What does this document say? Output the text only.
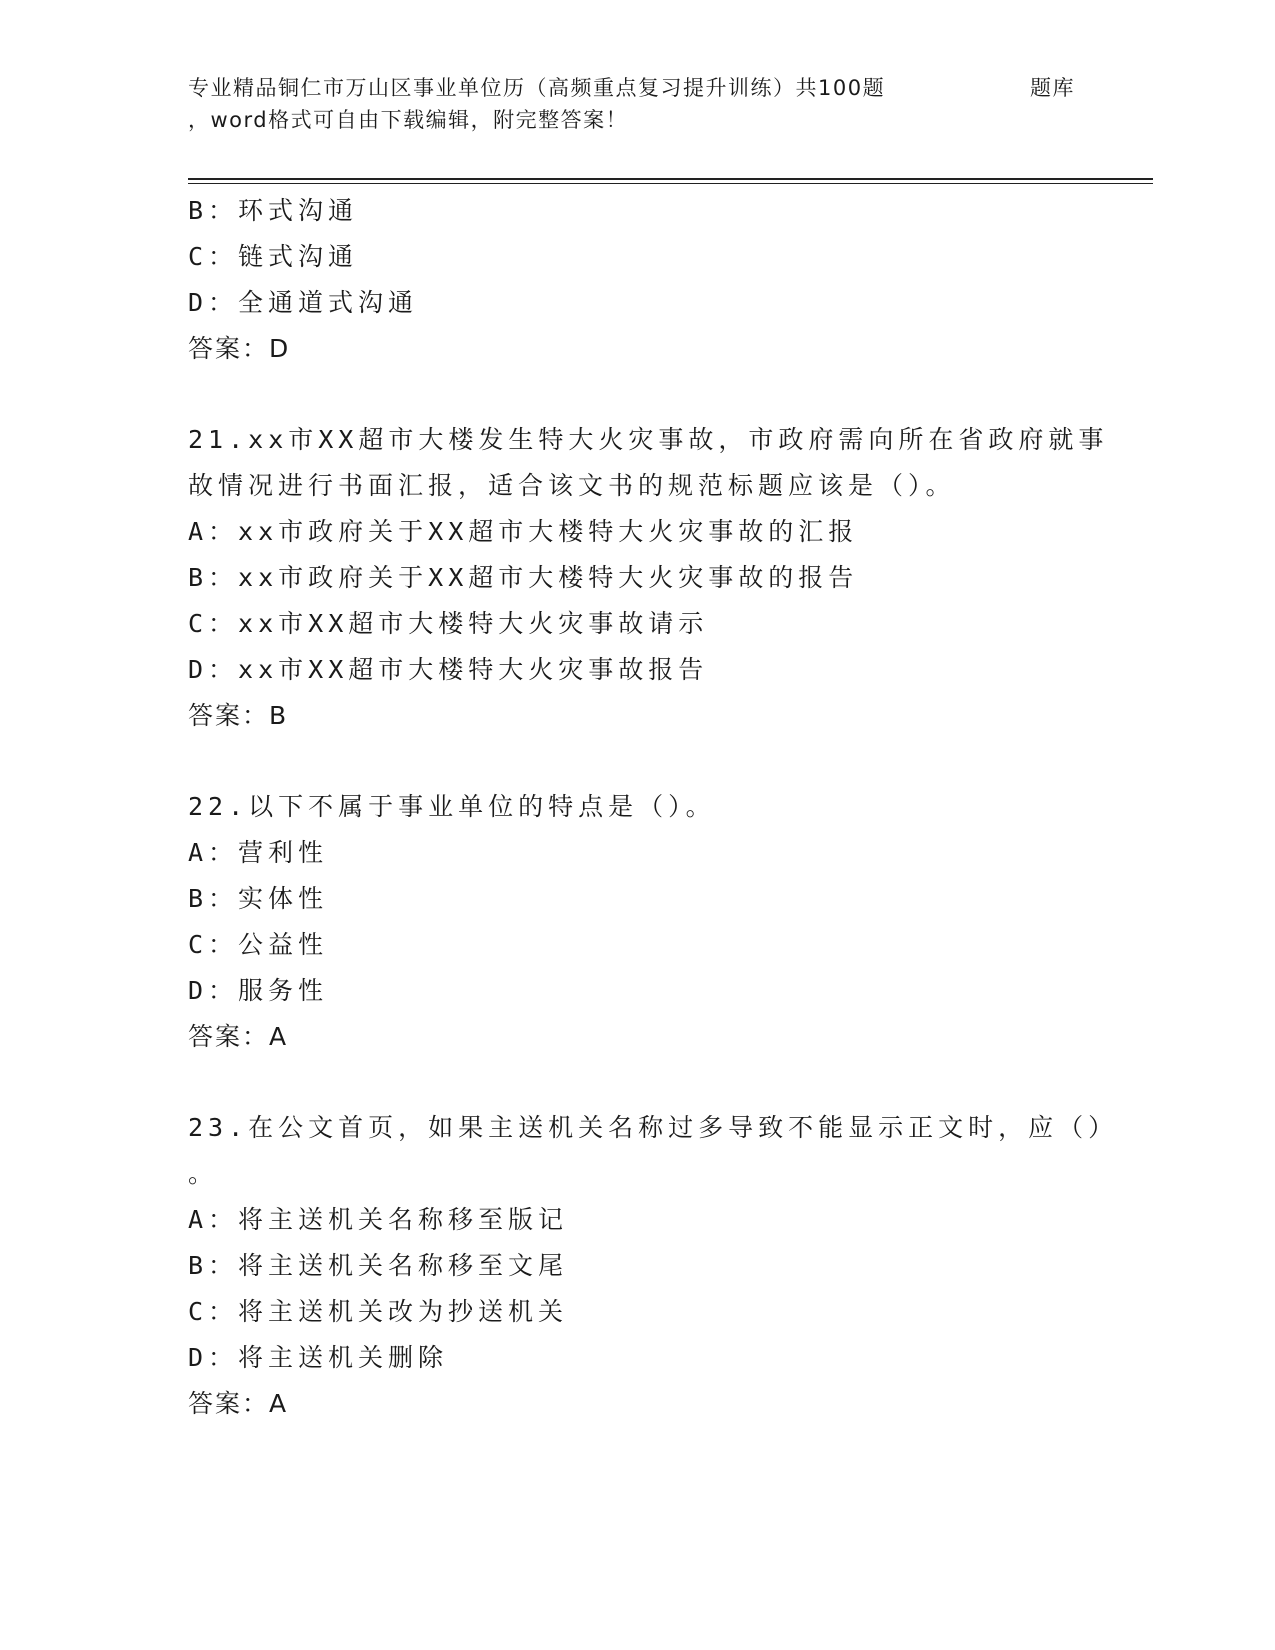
专业精品铜仁市万山区事业单位历（高频重点复习提升训练）共100题	题库
，word格式可自由下载编辑，附完整答案！
B：环式沟通
C：链式沟通
D：全通道式沟通
答案：D
21.xx市XX超市大楼发生特大火灾事故，市政府需向所在省政府就事
故情况进行书面汇报，适合该文书的规范标题应该是（）。
A：xx市政府关于XX超市大楼特大火灾事故的汇报
B：xx市政府关于XX超市大楼特大火灾事故的报告
C：xx市XX超市大楼特大火灾事故请示
D：xx市XX超市大楼特大火灾事故报告
答案：B
22.以下不属于事业单位的特点是（）。
A：营利性
B：实体性
C：公益性
D：服务性
答案：A
23.在公文首页，如果主送机关名称过多导致不能显示正文时，应（）
。
A：将主送机关名称移至版记
B：将主送机关名称移至文尾
C：将主送机关改为抄送机关
D：将主送机关删除
答案：A
